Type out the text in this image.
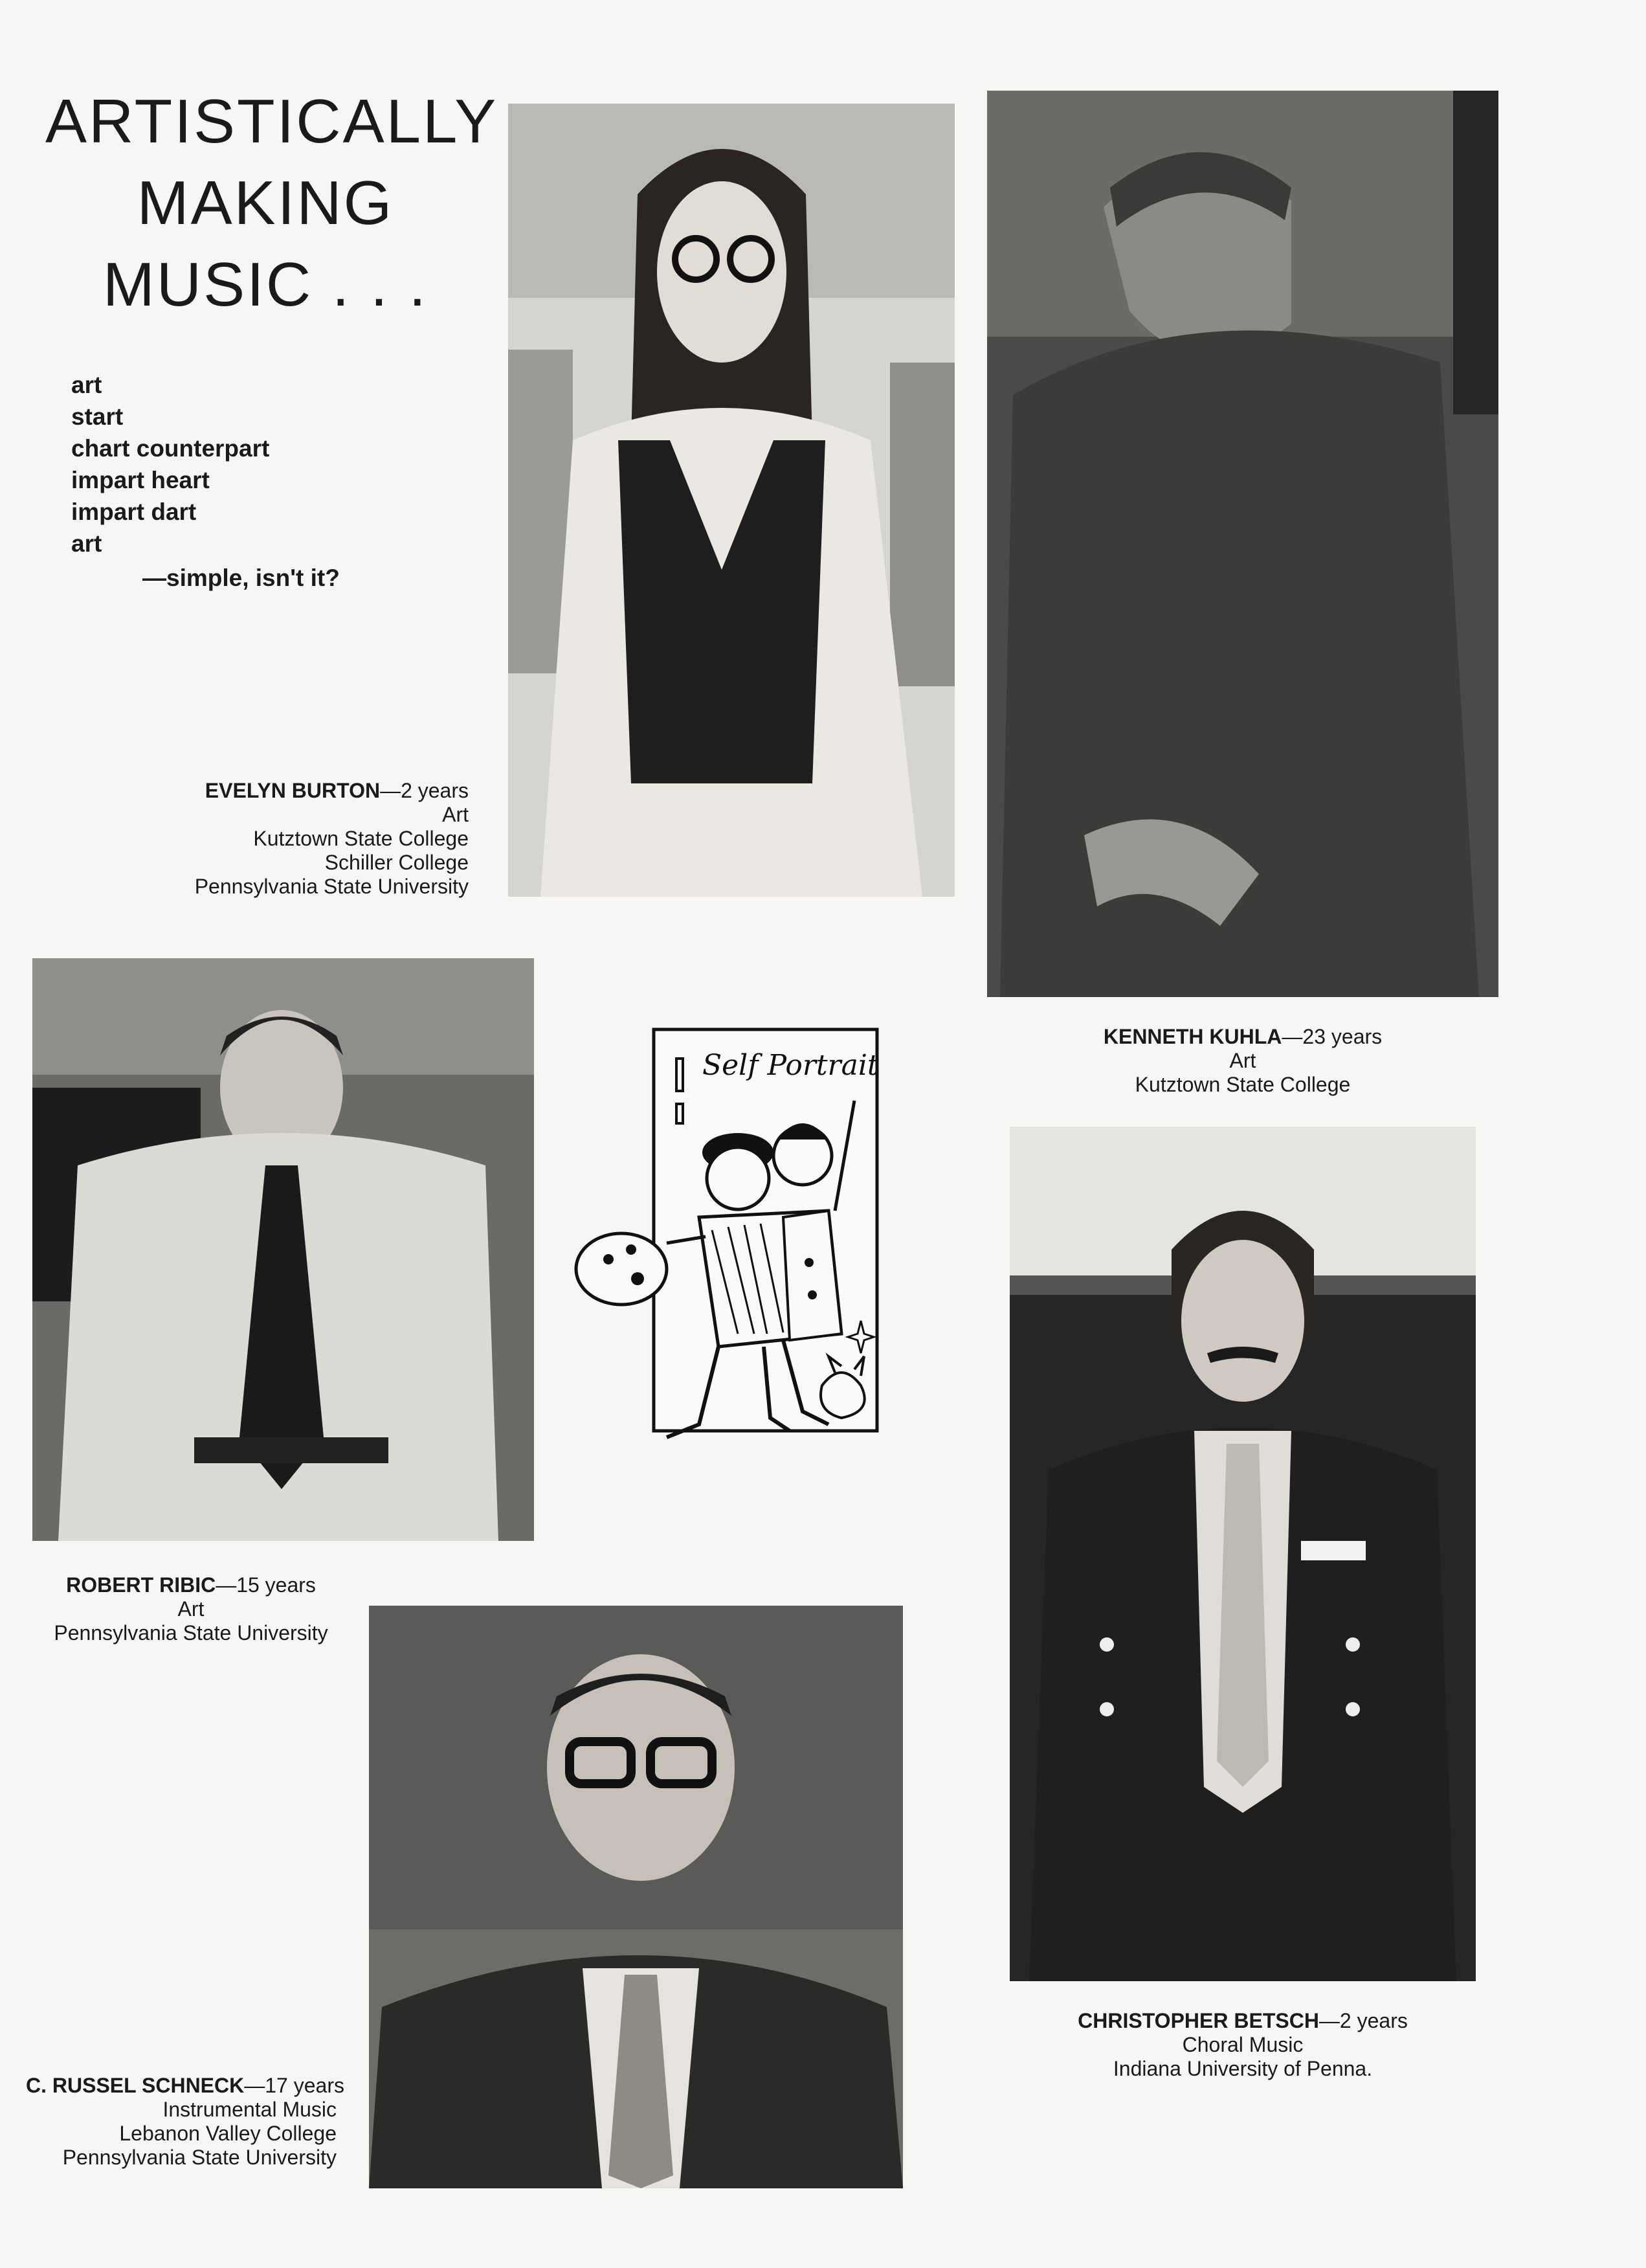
ARTISTICALLY
MAKING
MUSIC . . .
art
start
chart counterpart
impart heart
impart dart
art
—simple, isn't it?
Self Portrait
EVELYN BURTON—2 years
Art
Kutztown State College
Schiller College
Pennsylvania State University
KENNETH KUHLA—23 years
Art
Kutztown State College
ROBERT RIBIC—15 years
Art
Pennsylvania State University
CHRISTOPHER BETSCH—2 years
Choral Music
Indiana University of Penna.
C. RUSSEL SCHNECK—17 years
Instrumental Music
Lebanon Valley College
Pennsylvania State University
